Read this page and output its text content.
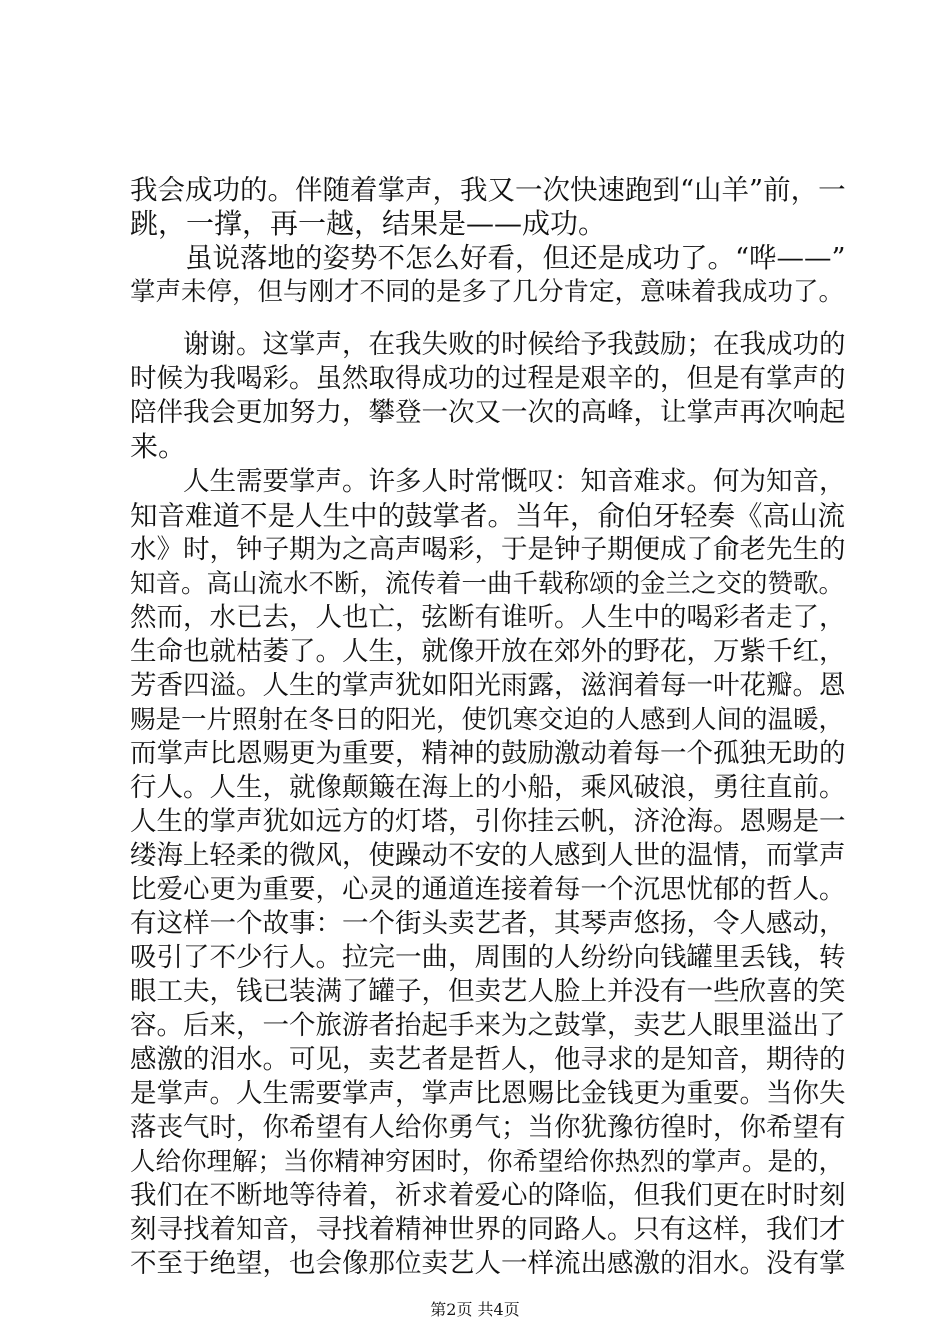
我会成功的。伴随着掌声，我又一次快速跑到“山羊”前，一
跳，一撑，再一越，结果是——成功。
　　虽说落地的姿势不怎么好看，但还是成功了。“哗——”
掌声未停，但与刚才不同的是多了几分肯定，意味着我成功了。
　　谢谢。这掌声，在我失败的时候给予我鼓励；在我成功的
时候为我喝彩。虽然取得成功的过程是艰辛的，但是有掌声的
陪伴我会更加努力，攀登一次又一次的高峰，让掌声再次响起
来。
　　人生需要掌声。许多人时常慨叹：知音难求。何为知音，
知音难道不是人生中的鼓掌者。当年，俞伯牙轻奏《高山流
水》时，钟子期为之高声喝彩，于是钟子期便成了俞老先生的
知音。高山流水不断，流传着一曲千载称颂的金兰之交的赞歌。
然而，水已去，人也亡，弦断有谁听。人生中的喝彩者走了，
生命也就枯萎了。人生，就像开放在郊外的野花，万紫千红，
芳香四溢。人生的掌声犹如阳光雨露，滋润着每一叶花瓣。恩
赐是一片照射在冬日的阳光，使饥寒交迫的人感到人间的温暖，
而掌声比恩赐更为重要，精神的鼓励激动着每一个孤独无助的
行人。人生，就像颠簸在海上的小船，乘风破浪，勇往直前。
人生的掌声犹如远方的灯塔，引你挂云帆，济沧海。恩赐是一
缕海上轻柔的微风，使躁动不安的人感到人世的温情，而掌声
比爱心更为重要，心灵的通道连接着每一个沉思忧郁的哲人。
有这样一个故事：一个街头卖艺者，其琴声悠扬，令人感动，
吸引了不少行人。拉完一曲，周围的人纷纷向钱罐里丢钱，转
眼工夫，钱已装满了罐子，但卖艺人脸上并没有一些欣喜的笑
容。后来，一个旅游者抬起手来为之鼓掌，卖艺人眼里溢出了
感激的泪水。可见，卖艺者是哲人，他寻求的是知音，期待的
是掌声。人生需要掌声，掌声比恩赐比金钱更为重要。当你失
落丧气时，你希望有人给你勇气；当你犹豫彷徨时，你希望有
人给你理解；当你精神穷困时，你希望给你热烈的掌声。是的，
我们在不断地等待着，祈求着爱心的降临，但我们更在时时刻
刻寻找着知音，寻找着精神世界的同路人。只有这样，我们才
不至于绝望，也会像那位卖艺人一样流出感激的泪水。没有掌
第2页 共4页
